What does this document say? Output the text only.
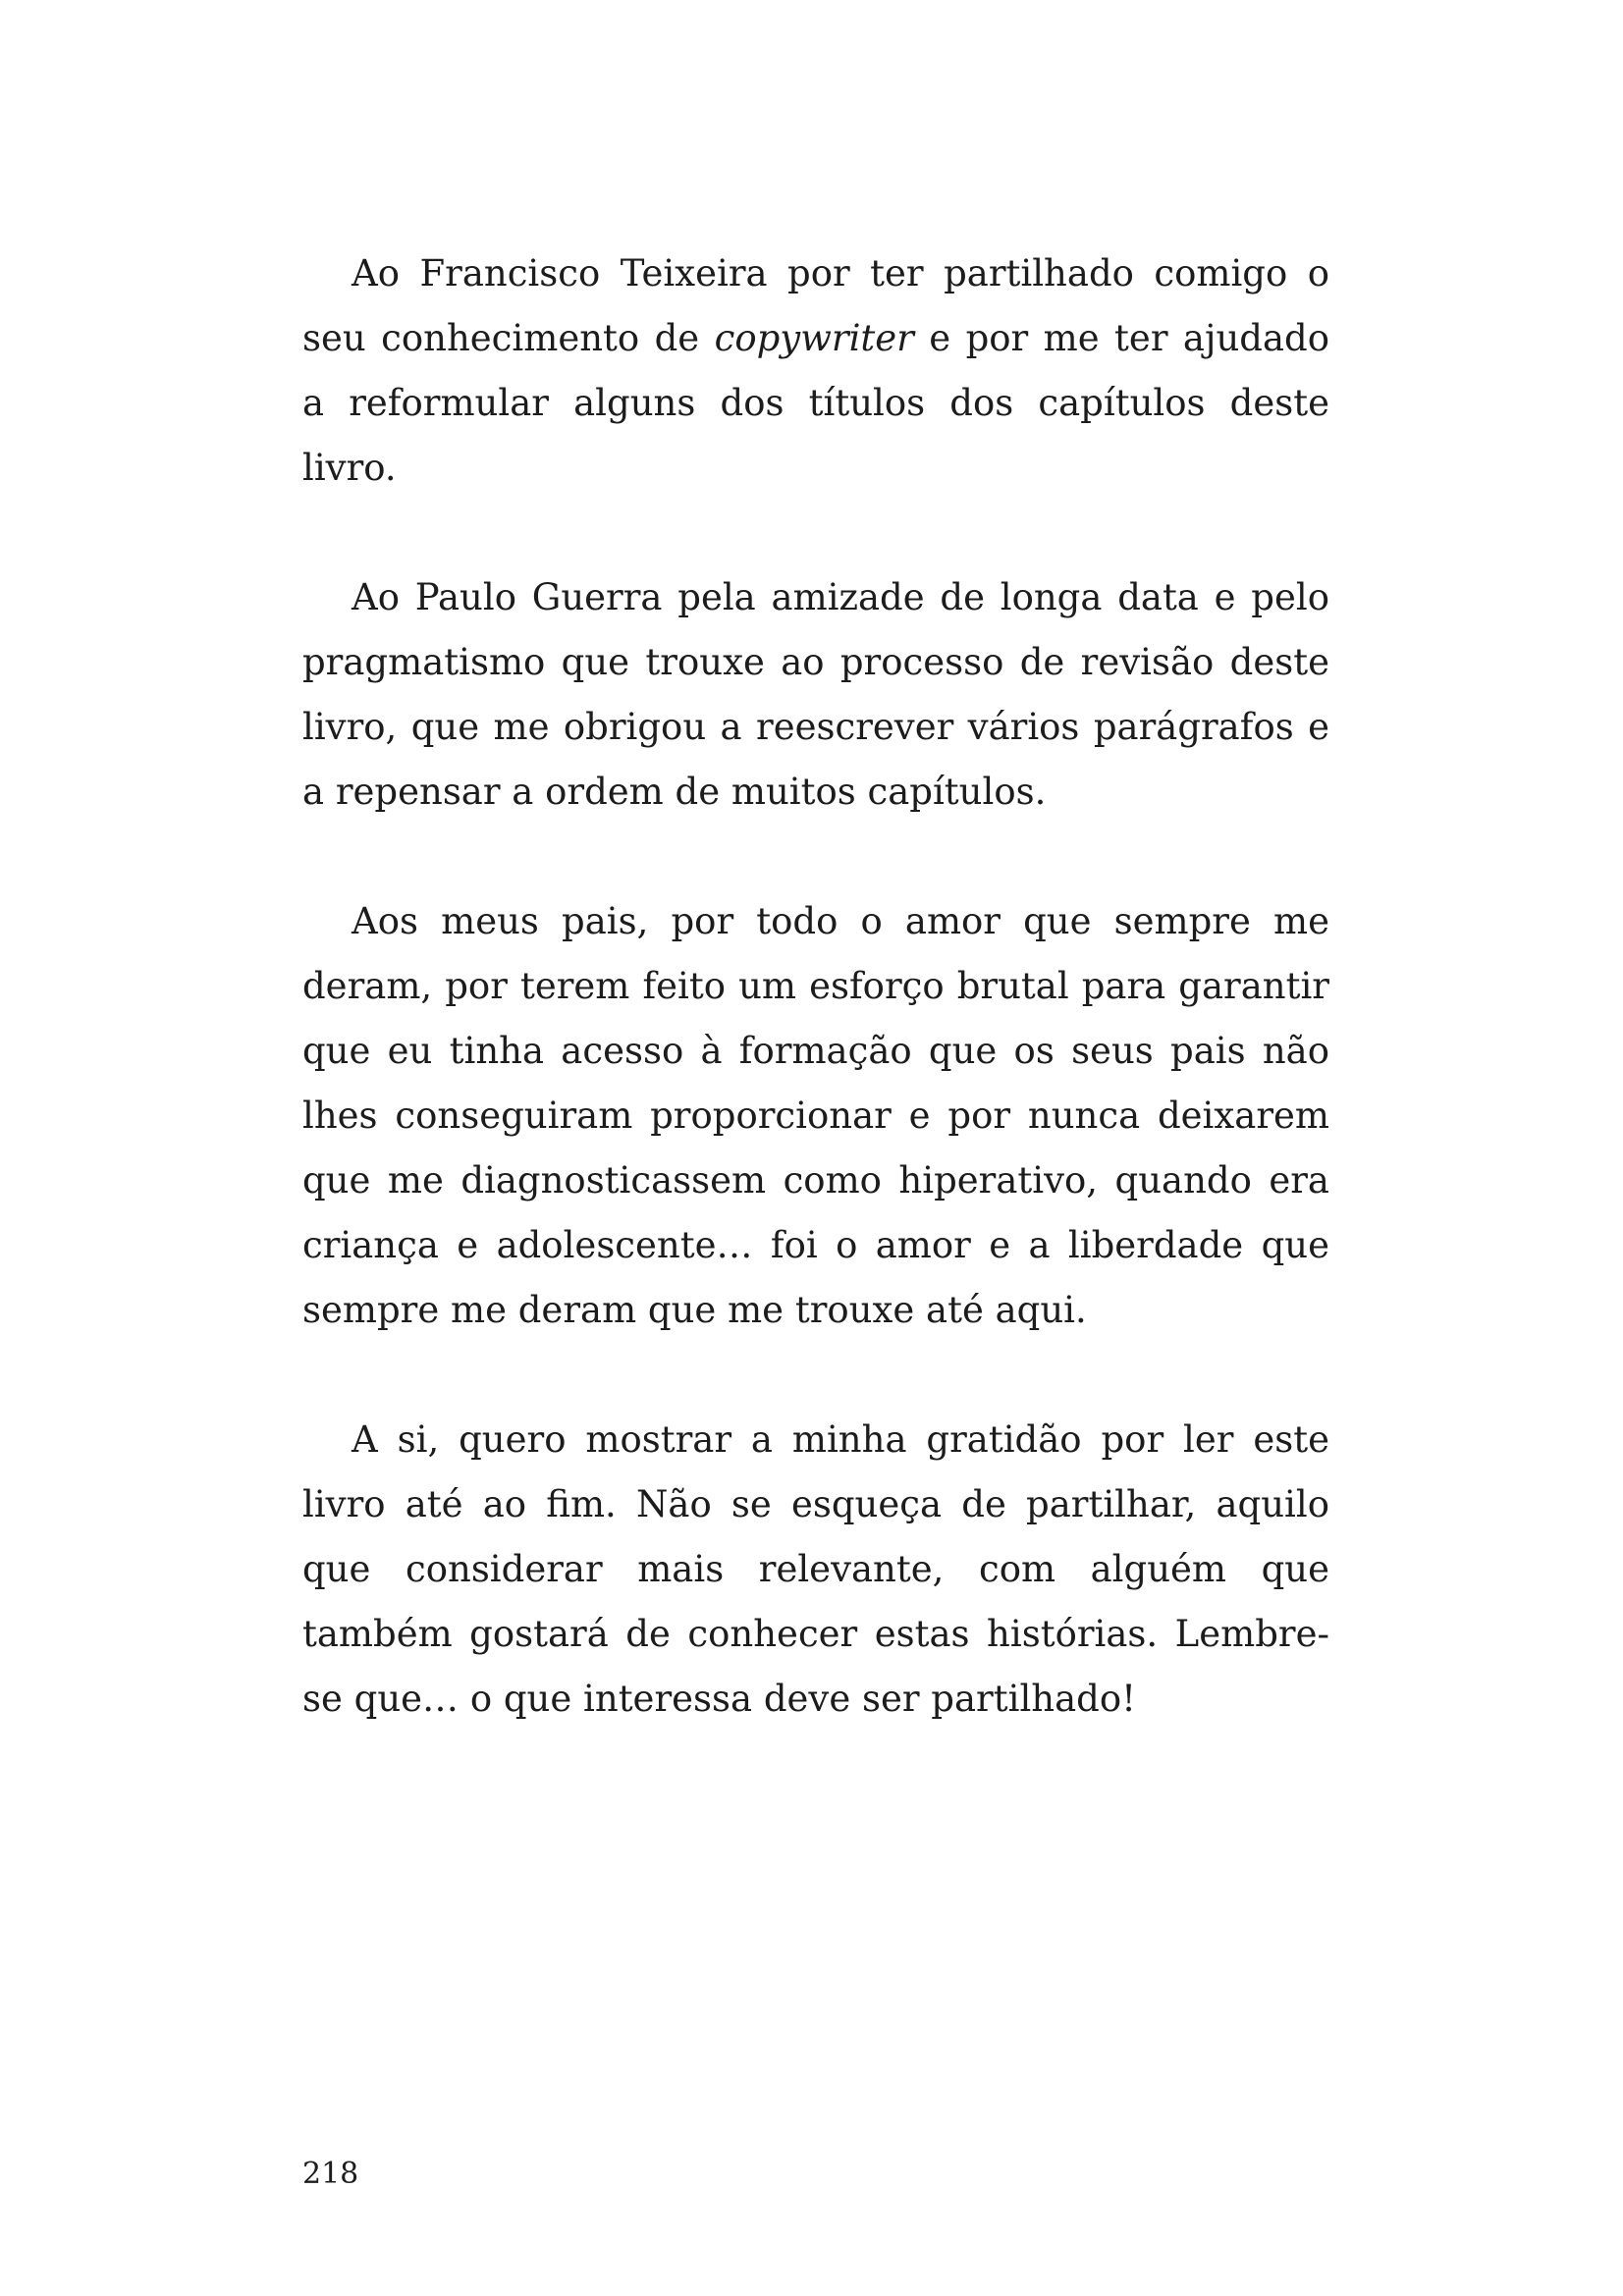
Ao Francisco Teixeira por ter partilhado comigo o seu conhecimento de copywriter e por me ter ajudado a reformular alguns dos títulos dos capítulos deste livro.

Ao Paulo Guerra pela amizade de longa data e pelo pragmatismo que trouxe ao processo de revisão deste livro, que me obrigou a reescrever vários parágrafos e a repensar a ordem de muitos capítulos.

Aos meus pais, por todo o amor que sempre me deram, por terem feito um esforço brutal para garantir que eu tinha acesso à formação que os seus pais não lhes conseguiram proporcionar e por nunca deixarem que me diagnosticassem como hiperativo, quando era criança e adolescente… foi o amor e a liberdade que sempre me deram que me trouxe até aqui.

A si, quero mostrar a minha gratidão por ler este livro até ao fim. Não se esqueça de partilhar, aquilo que considerar mais relevante, com alguém que também gostará de conhecer estas histórias. Lembre-se que… o que interessa deve ser partilhado!

218
